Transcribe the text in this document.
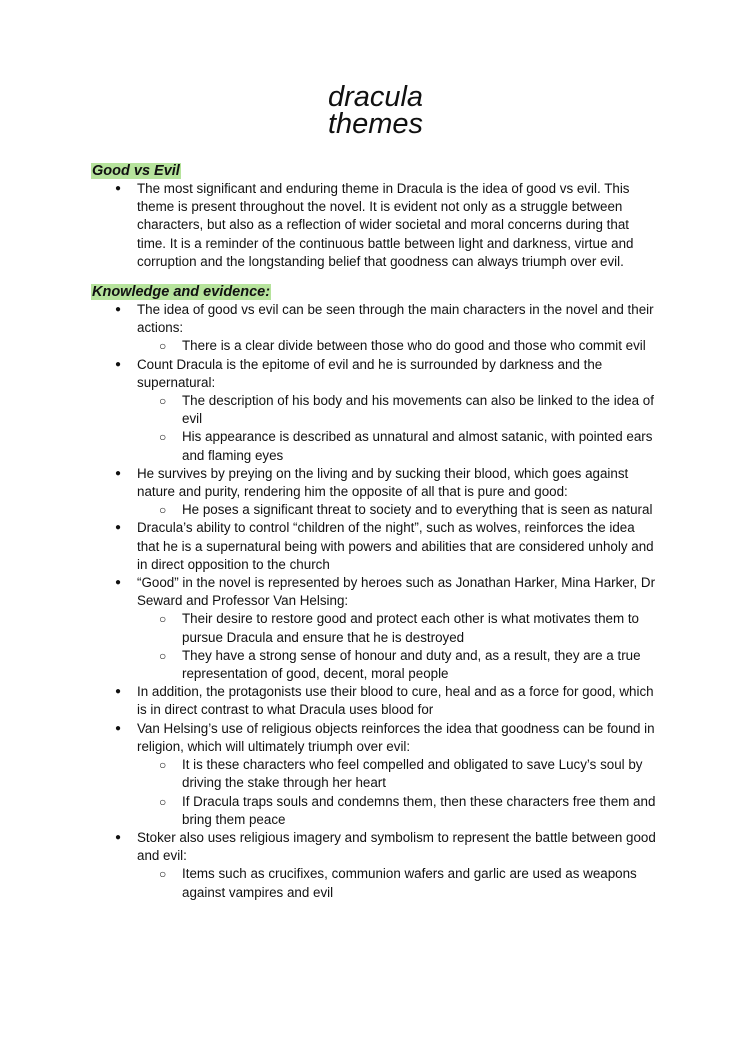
dracula
themes
Good vs Evil
● The most significant and enduring theme in Dracula is the idea of good vs evil. This theme is present throughout the novel. It is evident not only as a struggle between characters, but also as a reflection of wider societal and moral concerns during that time. It is a reminder of the continuous battle between light and darkness, virtue and corruption and the longstanding belief that goodness can always triumph over evil.
Knowledge and evidence:
● The idea of good vs evil can be seen through the main characters in the novel and their actions:
○ There is a clear divide between those who do good and those who commit evil
● Count Dracula is the epitome of evil and he is surrounded by darkness and the supernatural:
○ The description of his body and his movements can also be linked to the idea of evil
○ His appearance is described as unnatural and almost satanic, with pointed ears and flaming eyes
● He survives by preying on the living and by sucking their blood, which goes against nature and purity, rendering him the opposite of all that is pure and good:
○ He poses a significant threat to society and to everything that is seen as natural
● Dracula’s ability to control “children of the night”, such as wolves, reinforces the idea that he is a supernatural being with powers and abilities that are considered unholy and in direct opposition to the church
● “Good” in the novel is represented by heroes such as Jonathan Harker, Mina Harker, Dr Seward and Professor Van Helsing:
○ Their desire to restore good and protect each other is what motivates them to pursue Dracula and ensure that he is destroyed
○ They have a strong sense of honour and duty and, as a result, they are a true representation of good, decent, moral people
● In addition, the protagonists use their blood to cure, heal and as a force for good, which is in direct contrast to what Dracula uses blood for
● Van Helsing’s use of religious objects reinforces the idea that goodness can be found in religion, which will ultimately triumph over evil:
○ It is these characters who feel compelled and obligated to save Lucy’s soul by driving the stake through her heart
○ If Dracula traps souls and condemns them, then these characters free them and bring them peace
● Stoker also uses religious imagery and symbolism to represent the battle between good and evil:
○ Items such as crucifixes, communion wafers and garlic are used as weapons against vampires and evil
